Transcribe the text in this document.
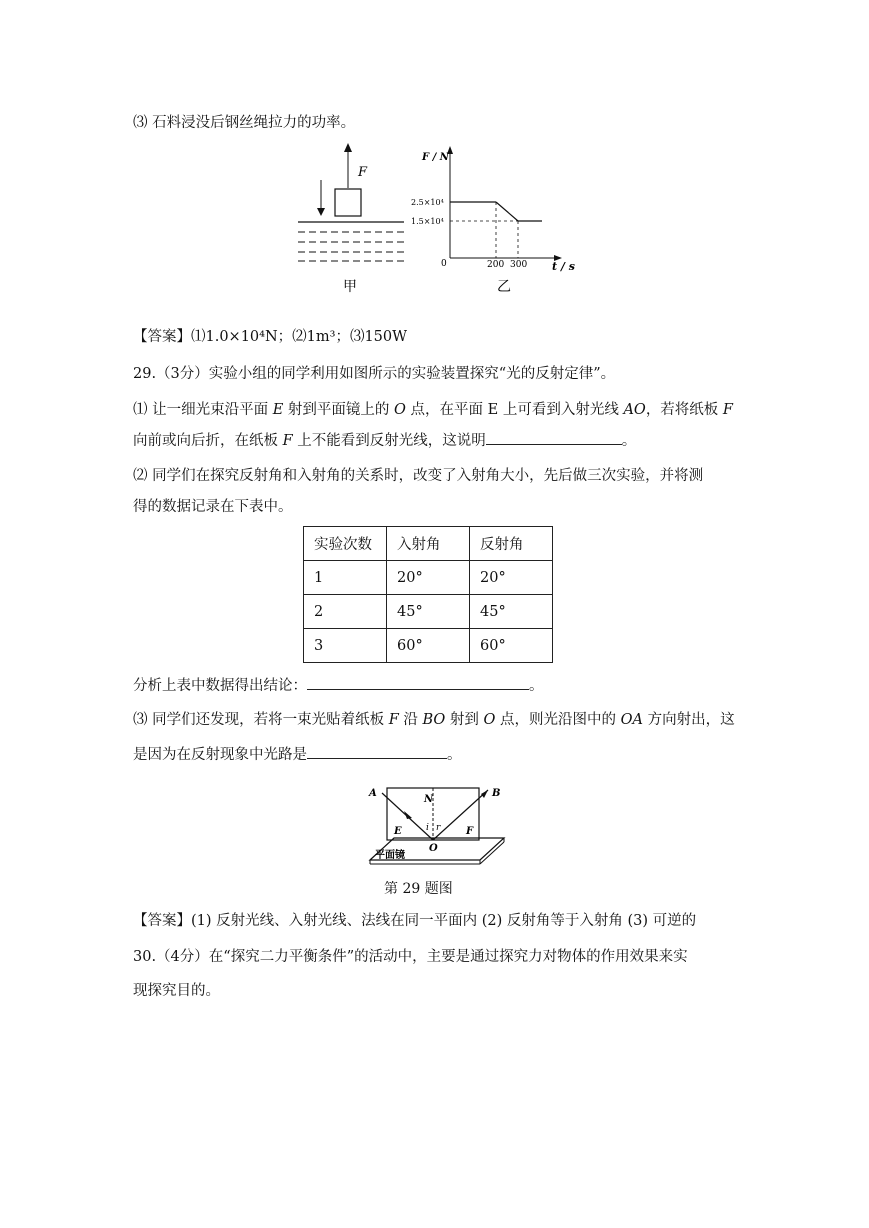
⑶ 石料浸没后钢丝绳拉力的功率。
F
甲
F / N
2.5×10⁴
1.5×10⁴
0	200 300 t / s
乙
【答案】⑴1.0×10⁴N；⑵1m³；⑶150W
29.（3分）实验小组的同学利用如图所示的实验装置探究“光的反射定律”。
⑴ 让一细光束沿平面 E 射到平面镜上的 O 点，在平面 E 上可看到入射光线 AO，若将纸板 F
向前或向后折，在纸板 F 上不能看到反射光线，这说明	。
⑵ 同学们在探究反射角和入射角的关系时，改变了入射角大小，先后做三次实验，并将测
得的数据记录在下表中。
实验次数	入射角	反射角
1	20°	20°
2	45°	45°
3	60°	60°
分析上表中数据得出结论：	。
⑶ 同学们还发现，若将一束光贴着纸板 F 沿 BO 射到 O 点，则光沿图中的 OA 方向射出，这
是因为在反射现象中光路是	。
A
N
B
E	F
i r
O
平面镜
第 29 题图
【答案】(1) 反射光线、入射光线、法线在同一平面内 (2) 反射角等于入射角 (3) 可逆的
30.（4分）在“探究二力平衡条件”的活动中，主要是通过探究力对物体的作用效果来实
现探究目的。
